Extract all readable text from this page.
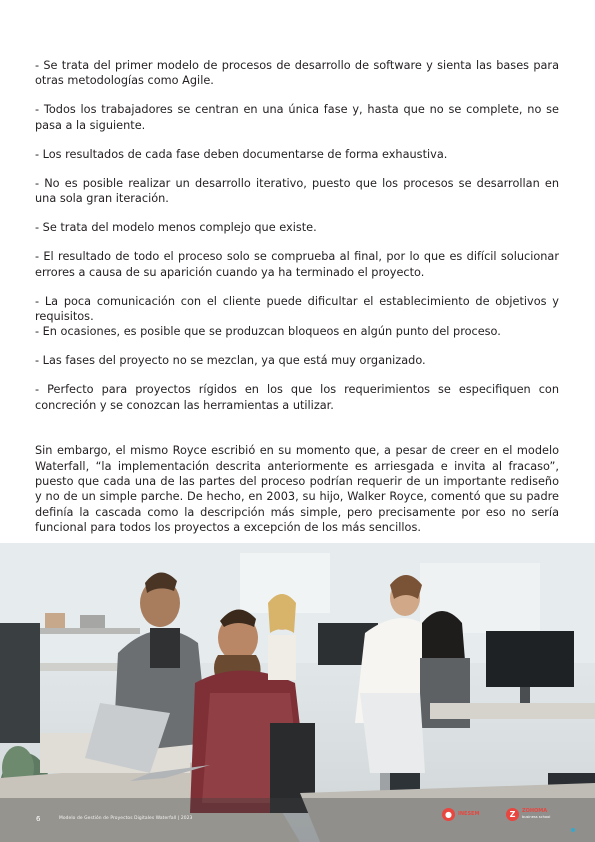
- Se trata del primer modelo de procesos de desarrollo de software y sienta las bases para otras metodologías como Agile.

- Todos los trabajadores se centran en una única fase y, hasta que no se complete, no se pasa a la siguiente.

- Los resultados de cada fase deben documentarse de forma exhaustiva.

- No es posible realizar un desarrollo iterativo, puesto que los procesos se desarrollan en una sola gran iteración.

- Se trata del modelo menos complejo que existe.

- El resultado de todo el proceso solo se comprueba al final, por lo que es difícil solucionar errores a causa de su aparición cuando ya ha terminado el proyecto.

- La poca comunicación con el cliente puede dificultar el establecimiento de objetivos y requisitos.

- En ocasiones, es posible que se produzcan bloqueos en algún punto del proceso.

- Las fases del proyecto no se mezclan, ya que está muy organizado.

- Perfecto para proyectos rígidos en los que los requerimientos se especifiquen con concreción y se conozcan las herramientas a utilizar.

Sin embargo, el mismo Royce escribió en su momento que, a pesar de creer en el modelo Waterfall, “la implementación descrita anteriormente es arriesgada e invita al fracaso”, puesto que cada una de las partes del proceso podrían requerir de un importante rediseño y no de un simple parche. De hecho, en 2003, su hijo, Walker Royce, comentó que su padre definía la cascada como la descripción más simple, pero precisamente por eso no sería funcional para todos los proyectos a excepción de los más sencillos.

6	Modelo de Gestión de Proyectos Digitales Waterfall | 2023	●	INESEM	Z	ZOHOMA
business school
